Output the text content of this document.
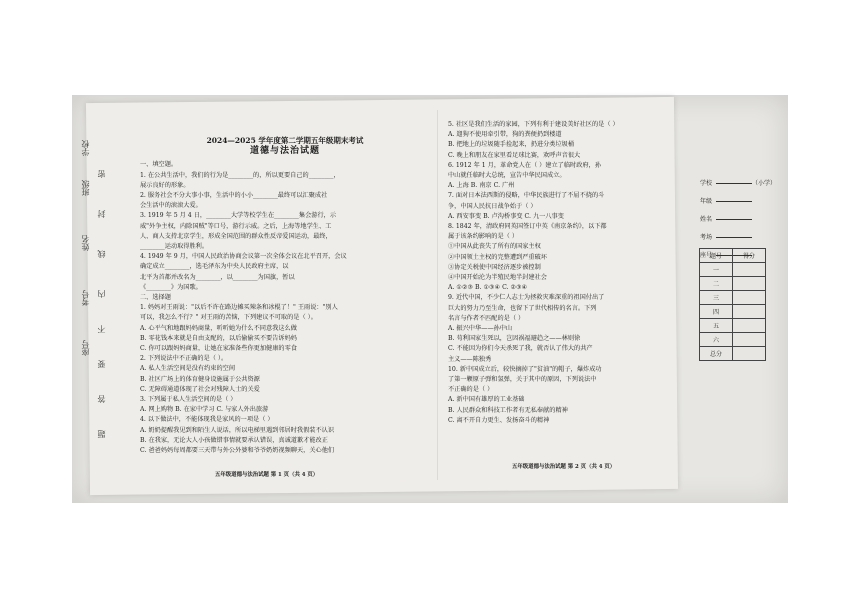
学校
班级
姓名
考号
座号
密
封
线
内
不
要
答
题

2024—2025 学年度第二学期五年级期末考试

道德与法治试题

一、填空题。

1. 在公共生活中，我们的行为是________的，所以更要自己的________，

展示良好的形象。

2. 服务社会不分大事小事，生活中的小小________最终可以汇聚成社

会生活中的滚滚大爱。

3. 1919 年 5 月 4 日，________大学等校学生在________集会游行，示

威"外争主权，内除国贼"等口号，游行示威。之后，上海等地学生、工

人、商人支持北京学生，形成全国范围的群众性反帝爱国运动，最终，

________运动取得胜利。

4. 1949 年 9 月，中国人民政治协商会议第一次全体会议在北平召开，会议

确定成立________，选毛泽东为中央人民政府主席，以

北平为首都并改名为________，以________为国旗，暂以

《________》为国歌。

二、选择题

1. 妈妈对王雨说："以后不许在路边摊买辣条和冰棍了！" 王雨说："别人

可以，我怎么不行？" 对王雨的苦恼，下列建议不可取的是（ ）。

A. 心平气和地跟妈妈商量，听听她为什么不同意我这么做

B. 零花钱本来就是自由支配的，以后偷偷买不要告诉妈妈

C. 你可以跟妈妈商量，让她在家准备些你更加健康的零食

2. 下列说法中不正确的是（ ）。

A. 私人生活空间是没有约束的空间

B. 社区广场上的体育健身设施属于公共资源

C. 无障碍通道体现了社会对残障人士的关爱

3. 下列属于私人生活空间的是（ ）

A. 网上购物 B. 在家中学习 C. 与家人外出旅游

4. 以下做法中，不能体现我是家风的一项是（ ）

A. 奶奶提醒我见到和陌生人说话，所以电梯里遇到邻居时我假装不认识

B. 在我家，无论大人小孩做错事情就要承认错误，真诚道歉才能改正

C. 爸爸妈妈每周都要三天带与外公外婆和爷爷奶奶视频聊天，关心他们

五年级道德与法治试题 第 1 页（共 4 页）

5. 社区是我们生活的家园，下列有利于建设美好社区的是（ ）

A. 遛狗不使用牵引带，狗的粪便扔到楼道

B. 把地上的垃圾随手捡起来，扔进分类垃圾桶

C. 晚上和朋友在家里看足球比赛，欢呼声音很大

6. 1912 年 1 月，革命党人在（ ）建立了临时政府，孙

中山就任临时大总统，宣告中华民国成立。

A. 上海 B. 南京 C. 广州

7. 面对日本法西斯的侵略，中华民族进行了不屈不挠的斗

争，中国人民抗日战争始于（ ）

A. 西安事变 B. 卢沟桥事变 C. 九一八事变

8. 1842 年，清政府同英国签订中英《南京条约》，以下都

属于该条约影响的是（ ）

①中国从此丧失了所有的国家主权

②中国领土主权的完整遭到严重破坏

③协定关税使中国经济逐步被控制

④中国开始沦为半殖民地半封建社会

A. ①②③ B. ①③④ C. ②③④

9. 近代中国，不少仁人志士为拯救灾难深重的祖国付出了

巨大的努力乃至生命，也留下了世代相传的名言。下列

名言与作者不匹配的是（ ）

A. 振兴中华——孙中山

B. 苟利国家生死以，岂因祸福避趋之——林则徐

C. 不能因为你们今天杀死了我，就否认了伟大的共产

主义——陈独秀

10. 新中国成立后，较快摘掉了"贫油"的帽子，爆炸成功

了第一颗原子弹和氢弹，关于其中的原因，下列说法中

不正确的是（ ）

A. 新中国有雄厚的工业基础

B. 人民群众和科技工作者有无私奉献的精神

C. 离不开自力更生、发扬奋斗的精神

五年级道德与法治试题 第 2 页（共 4 页）
学校	（小学）
年级
姓名
考场
座号
题号	得分
一	
二	
三	
四	
五	
六	
总分	
